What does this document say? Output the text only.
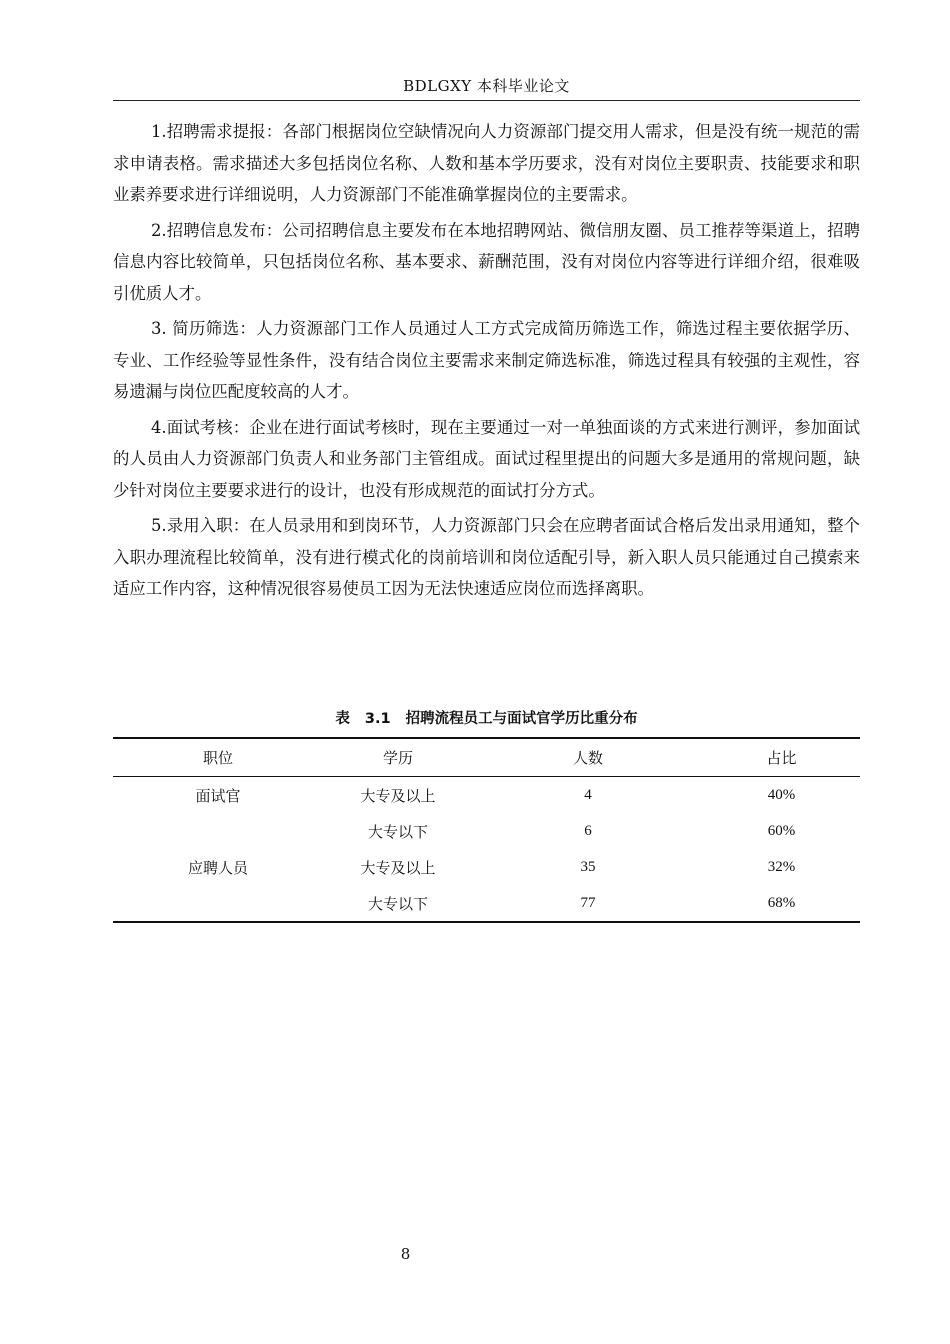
BDLGXY 本科毕业论文

1.招聘需求提报：各部门根据岗位空缺情况向人力资源部门提交用人需求，但是没有统一规范的需求申请表格。需求描述大多包括岗位名称、人数和基本学历要求，没有对岗位主要职责、技能要求和职业素养要求进行详细说明，人力资源部门不能准确掌握岗位的主要需求。

2.招聘信息发布：公司招聘信息主要发布在本地招聘网站、微信朋友圈、员工推荐等渠道上，招聘信息内容比较简单，只包括岗位名称、基本要求、薪酬范围，没有对岗位内容等进行详细介绍，很难吸引优质人才。

3. 简历筛选：人力资源部门工作人员通过人工方式完成简历筛选工作，筛选过程主要依据学历、专业、工作经验等显性条件，没有结合岗位主要需求来制定筛选标准，筛选过程具有较强的主观性，容易遗漏与岗位匹配度较高的人才。

4.面试考核：企业在进行面试考核时，现在主要通过一对一单独面谈的方式来进行测评，参加面试的人员由人力资源部门负责人和业务部门主管组成。面试过程里提出的问题大多是通用的常规问题，缺少针对岗位主要要求进行的设计，也没有形成规范的面试打分方式。

5.录用入职：在人员录用和到岗环节，人力资源部门只会在应聘者面试合格后发出录用通知，整个入职办理流程比较简单，没有进行模式化的岗前培训和岗位适配引导，新入职人员只能通过自己摸索来适应工作内容，这种情况很容易使员工因为无法快速适应岗位而选择离职。

表 3.1 招聘流程员工与面试官学历比重分布
职位	学历	人数	占比
面试官	大专及以上	4	40%
	大专以下	6	60%
应聘人员	大专及以上	35	32%
	大专以下	77	68%
8
